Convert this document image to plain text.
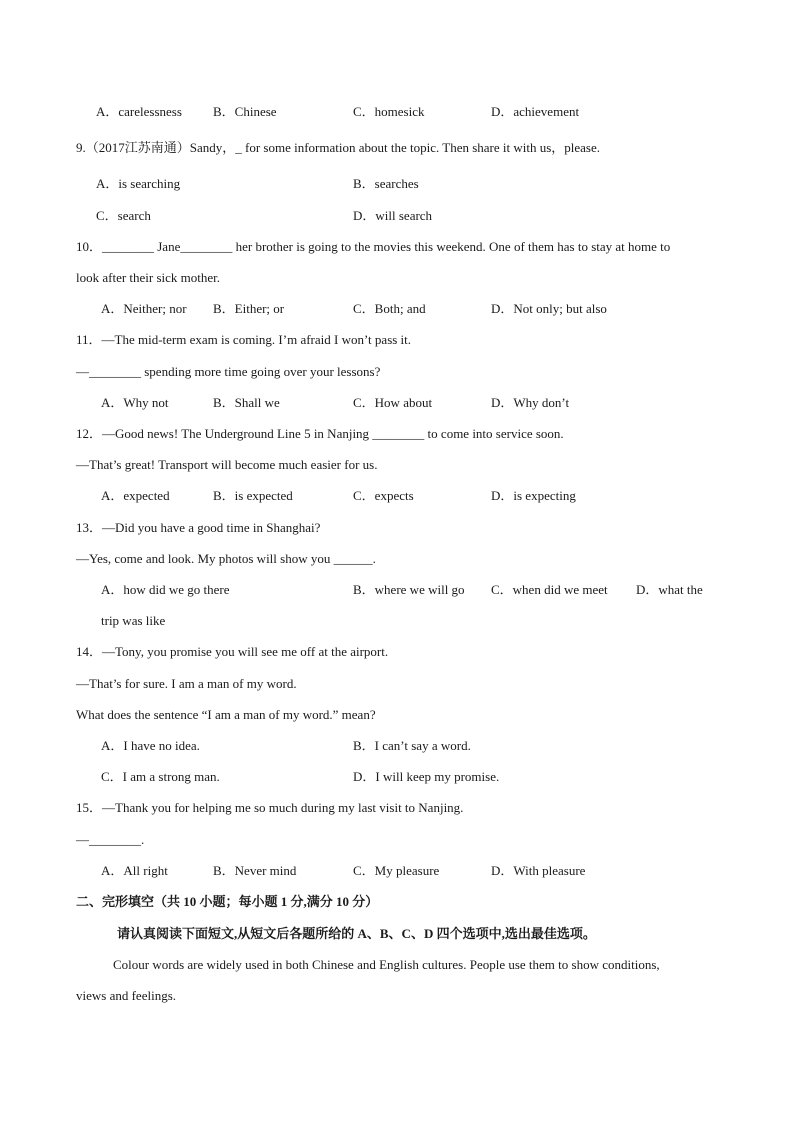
A．carelessness B．Chinese	C．homesick	D．achievement
9.（2017江苏南通）Sandy，_ for some information about the topic. Then share it with us，please.
A．is searching	B．searches
C．search	D．will search
10．________ Jane________ her brother is going to the movies this weekend. One of them has to stay at home to
look after their sick mother.
A．Neither; nor B．Either; or	C．Both; and	D．Not only; but also
11．—The mid-term exam is coming. I’m afraid I won’t pass it.
—________ spending more time going over your lessons?
A．Why not	B．Shall we	C．How about	D．Why don’t
12．—Good news! The Underground Line 5 in Nanjing ________ to come into service soon.
—That’s great! Transport will become much easier for us.
A．expected	B．is expected	C．expects	D．is expecting
13．—Did you have a good time in Shanghai?
—Yes, come and look. My photos will show you ______.
A．how did we go there	B．where we will go C．when did we meet D．what the
trip was like
14．—Tony, you promise you will see me off at the airport.
—That’s for sure. I am a man of my word.
What does the sentence “I am a man of my word.” mean?
A．I have no idea.	B．I can’t say a word.
C．I am a strong man.	D．I will keep my promise.
15．—Thank you for helping me so much during my last visit to Nanjing.
—________.
A．All right	B．Never mind	C．My pleasure	D．With pleasure
二、完形填空（共 10 小题；每小题 1 分,满分 10 分）
请认真阅读下面短文,从短文后各题所给的 A、B、C、D 四个选项中,选出最佳选项。
Colour words are widely used in both Chinese and English cultures. People use them to show conditions,
views and feelings.
